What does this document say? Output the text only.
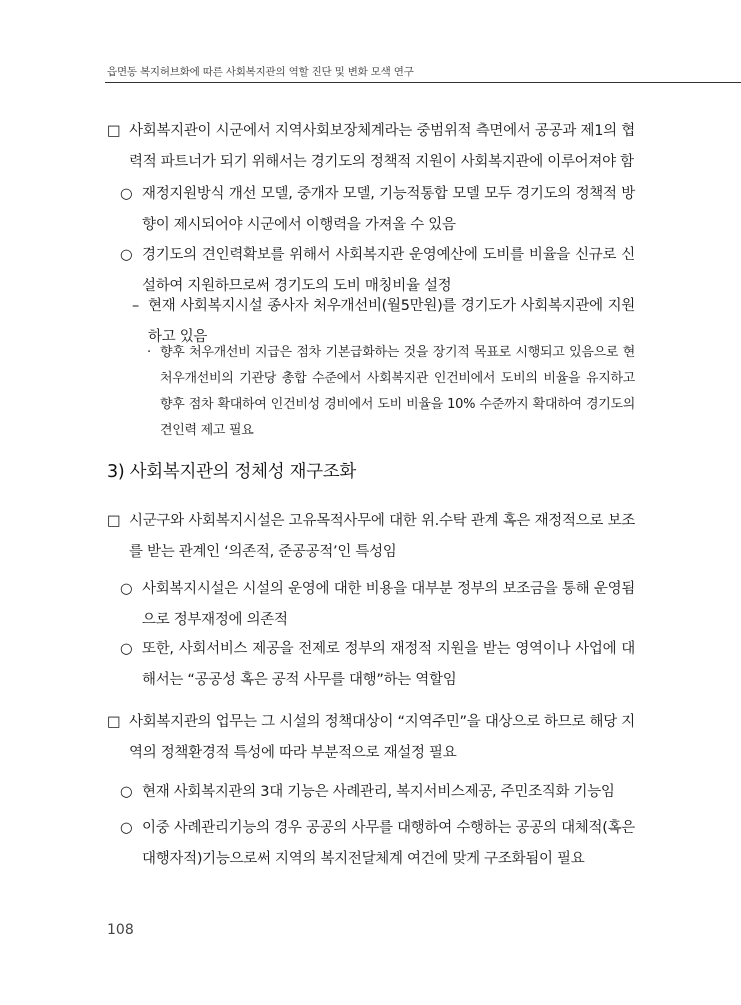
읍면동 복지허브화에 따른 사회복지관의 역할 진단 및 변화 모색 연구
□ 사회복지관이 시군에서 지역사회보장체계라는 중범위적 측면에서 공공과 제1의 협력적 파트너가 되기 위해서는 경기도의 정책적 지원이 사회복지관에 이루어져야 함
○ 재정지원방식 개선 모델, 중개자 모델, 기능적통합 모델 모두 경기도의 정책적 방향이 제시되어야 시군에서 이행력을 가져올 수 있음
○ 경기도의 견인력확보를 위해서 사회복지관 운영예산에 도비를 비율을 신규로 신설하여 지원하므로써 경기도의 도비 매칭비율 설정
– 현재 사회복지시설 종사자 처우개선비(월5만원)를 경기도가 사회복지관에 지원하고 있음
· 향후 처우개선비 지급은 점차 기본급화하는 것을 장기적 목표로 시행되고 있음으로 현 처우개선비의 기관당 총합 수준에서 사회복지관 인건비에서 도비의 비율을 유지하고 향후 점차 확대하여 인건비성 경비에서 도비 비율을 10% 수준까지 확대하여 경기도의 견인력 제고 필요
3) 사회복지관의 정체성 재구조화
□ 시군구와 사회복지시설은 고유목적사무에 대한 위.수탁 관계 혹은 재정적으로 보조를 받는 관계인 ‘의존적, 준공공적’인 특성임
○ 사회복지시설은 시설의 운영에 대한 비용을 대부분 정부의 보조금을 통해 운영됨으로 정부재정에 의존적
○ 또한, 사회서비스 제공을 전제로 정부의 재정적 지원을 받는 영역이나 사업에 대해서는 “공공성 혹은 공적 사무를 대행”하는 역할임
□ 사회복지관의 업무는 그 시설의 정책대상이 “지역주민”을 대상으로 하므로 해당 지역의 정책환경적 특성에 따라 부분적으로 재설정 필요
○ 현재 사회복지관의 3대 기능은 사례관리, 복지서비스제공, 주민조직화 기능임
○ 이중 사례관리기능의 경우 공공의 사무를 대행하여 수행하는 공공의 대체적(혹은 대행자적)기능으로써 지역의 복지전달체계 여건에 맞게 구조화됨이 필요
108
